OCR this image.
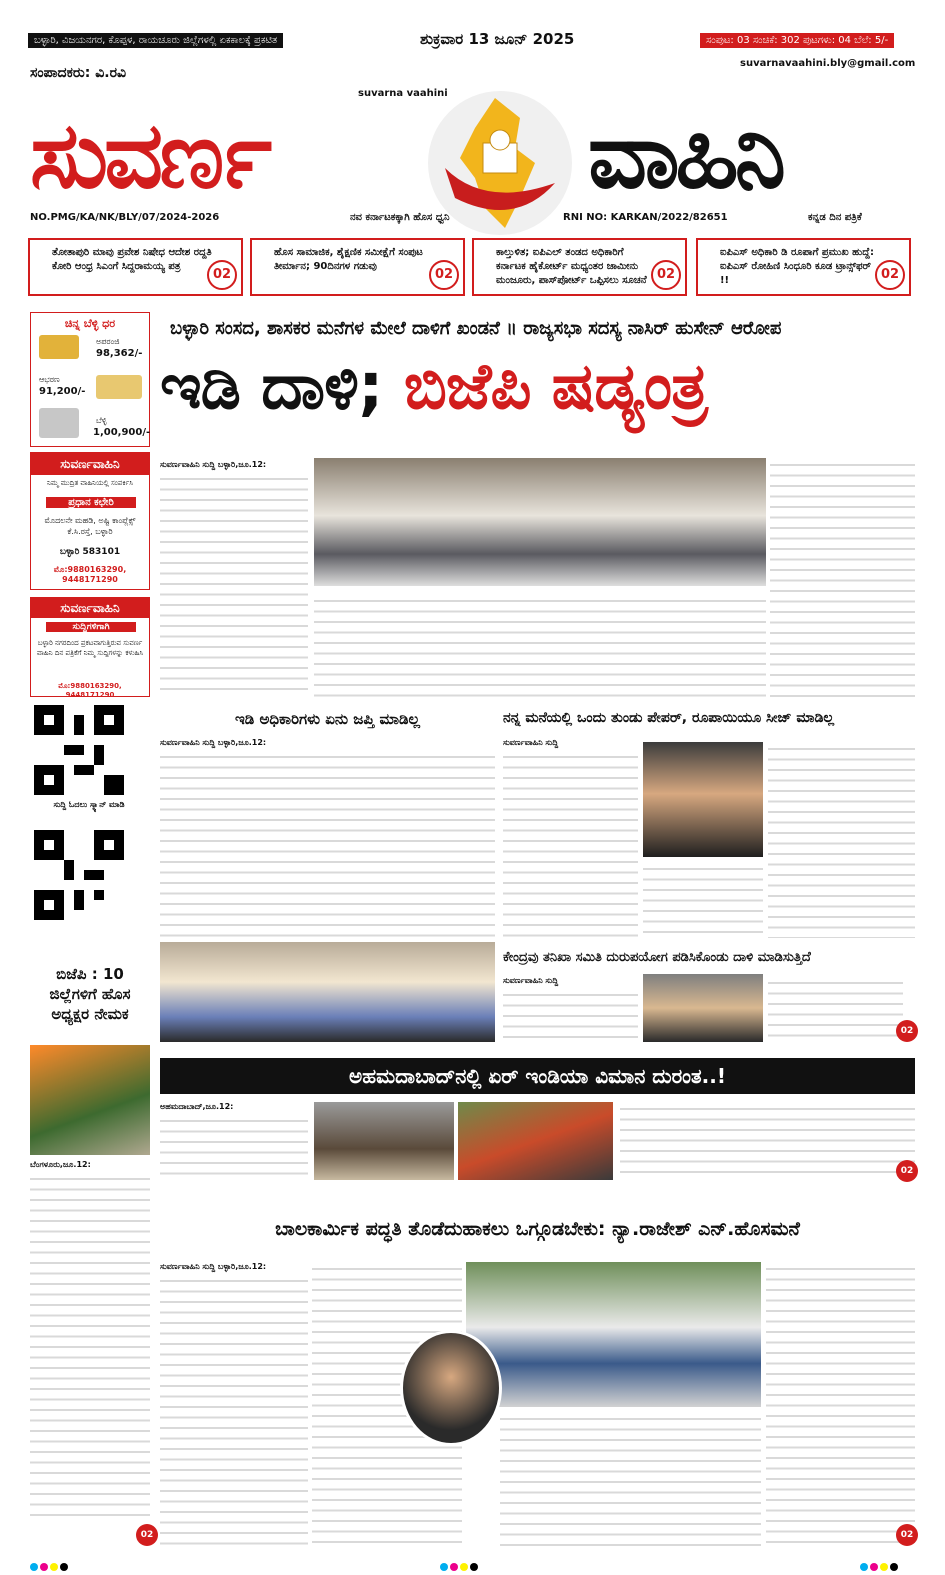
ಬಳ್ಳಾರಿ, ವಿಜಯನಗರ, ಕೊಪ್ಪಳ, ರಾಯಚೂರು ಜಿಲ್ಲೆಗಳಲ್ಲಿ ಏಕಕಾಲಕ್ಕೆ ಪ್ರಕಟಿತ	ಶುಕ್ರವಾರ 13 ಜೂನ್ 2025	ಸಂಪುಟ: 03 ಸಂಚಿಕೆ: 302 ಪುಟಗಳು: 04 ಬೆಲೆ: 5/-
suvarnavaahini.bly@gmail.com
ಸಂಪಾದಕರು: ವಿ.ರವಿ
suvarna vaahini
ಸುವರ್ಣ	ವಾಹಿನಿ
NO.PMG/KA/NK/BLY/07/2024-2026	ನವ ಕರ್ನಾಟಕಕ್ಕಾಗಿ ಹೊಸ ಧ್ವನಿ	RNI NO: KARKAN/2022/82651	ಕನ್ನಡ ದಿನ ಪತ್ರಿಕೆ
ತೋತಾಪುರಿ ಮಾವು ಪ್ರವೇಶ ನಿಷೇಧ ಆದೇಶ ರದ್ದತಿ ಕೋರಿ ಆಂಧ್ರ ಸಿಎಂಗೆ ಸಿದ್ದರಾಮಯ್ಯ ಪತ್ರ
02
ಹೊಸ ಸಾಮಾಜಿಕ, ಶೈಕ್ಷಣಿಕ ಸಮೀಕ್ಷೆಗೆ ಸಂಪುಟ ತೀರ್ಮಾನ; 90ದಿನಗಳ ಗಡುವು
02
ಕಾಲ್ತುಳಿತ; ಐಪಿಎಲ್ ತಂಡದ ಅಧಿಕಾರಿಗೆ ಕರ್ನಾಟಕ ಹೈಕೋರ್ಟ್ ಮಧ್ಯಂತರ ಜಾಮೀನು ಮಂಜೂರು, ಪಾಸ್‌ಪೋರ್ಟ್ ಒಪ್ಪಿಸಲು ಸೂಚನೆ 02
ಐಪಿಎಸ್ ಅಧಿಕಾರಿ ಡಿ ರೂಪಾಗೆ ಪ್ರಮುಖ ಹುದ್ದೆ: ಐಪಿಎಸ್ ರೋಹಿಣಿ ಸಿಂಧೂರಿ ಕೂಡ ಟ್ರಾನ್ಸ್‌ಫರ್ !!	02
ಚಿನ್ನ ಬೆಳ್ಳಿ ಧರ
ಅಪರಂಜಿ
98,362/-
ಆಭರಣ
91,200/-
ಬೆಳ್ಳಿ
1,00,900/-
ಸುವರ್ಣವಾಹಿನಿ
ನಿಮ್ಮ ಮುದ್ರಿತ ವಾಹಿನಿಯಲ್ಲಿ ಸಂಪರ್ಕಿಸಿ
ಪ್ರಧಾನ ಕಛೇರಿ
ಮೊದಲನೇ ಮಹಡಿ, ಅಷ್ಟಿ ಕಾಂಪ್ಲೆಕ್ಸ್ ಕೆ.ಸಿ.ರಸ್ತೆ, ಬಳ್ಳಾರಿ
ಬಳ್ಳಾರಿ 583101
ಮೊ:9880163290, 9448171290
ಸುವರ್ಣವಾಹಿನಿ
ಸುದ್ದಿಗಳಿಗಾಗಿ
ಬಳ್ಳಾರಿ ನಗರದಿಂದ ಪ್ರಕಟವಾಗುತ್ತಿರುವ ಸುವರ್ಣ ವಾಹಿನಿ ದಿನ ಪತ್ರಿಕೆಗೆ ನಿಮ್ಮ ಸುದ್ದಿಗಳನ್ನು ಕಳುಹಿಸಿ
ಮೊ:9880163290, 9448171290
ಸುದ್ದಿ ಓದಲು ಸ್ಕ್ಯಾನ್ ಮಾಡಿ
ಬಿಜೆಪಿ : 10 ಜಿಲ್ಲೆಗಳಿಗೆ ಹೊಸ ಅಧ್ಯಕ್ಷರ ನೇಮಕ
ಬೆಂಗಳೂರು,ಜೂ.12:
02
ಬಳ್ಳಾರಿ ಸಂಸದ, ಶಾಸಕರ ಮನೆಗಳ ಮೇಲೆ ದಾಳಿಗೆ ಖಂಡನೆ ॥ ರಾಜ್ಯಸಭಾ ಸದಸ್ಯ ನಾಸಿರ್ ಹುಸೇನ್ ಆರೋಪ
ಇಡಿ ದಾಳಿ; ಬಿಜೆಪಿ ಷಡ್ಯಂತ್ರ
ಸುವರ್ಣವಾಹಿನಿ ಸುದ್ದಿ ಬಳ್ಳಾರಿ,ಜೂ.12:
ಇಡಿ ಅಧಿಕಾರಿಗಳು ಏನು ಜಪ್ತಿ ಮಾಡಿಲ್ಲ
ಸುವರ್ಣವಾಹಿನಿ ಸುದ್ದಿ ಬಳ್ಳಾರಿ,ಜೂ.12:
ನನ್ನ ಮನೆಯಲ್ಲಿ ಒಂದು ತುಂಡು ಪೇಪರ್, ರೂಪಾಯಿಯೂ ಸೀಜ್ ಮಾಡಿಲ್ಲ
ಸುವರ್ಣವಾಹಿನಿ ಸುದ್ದಿ
ಕೇಂದ್ರವು ತನಿಖಾ ಸಮಿತಿ ದುರುಪಯೋಗ ಪಡಿಸಿಕೊಂಡು ದಾಳಿ ಮಾಡಿಸುತ್ತಿದೆ
ಸುವರ್ಣವಾಹಿನಿ ಸುದ್ದಿ
02
ಅಹಮದಾಬಾದ್‌ನಲ್ಲಿ ಏರ್ ಇಂಡಿಯಾ ವಿಮಾನ ದುರಂತ..!
ಅಹಮದಾಬಾದ್,ಜೂ.12:
02
ಬಾಲಕಾರ್ಮಿಕ ಪದ್ಧತಿ ತೊಡೆದುಹಾಕಲು ಒಗ್ಗೂಡಬೇಕು: ನ್ಯಾ.ರಾಜೇಶ್ ಎನ್.ಹೊಸಮನೆ
ಸುವರ್ಣವಾಹಿನಿ ಸುದ್ದಿ ಬಳ್ಳಾರಿ,ಜೂ.12:
02
